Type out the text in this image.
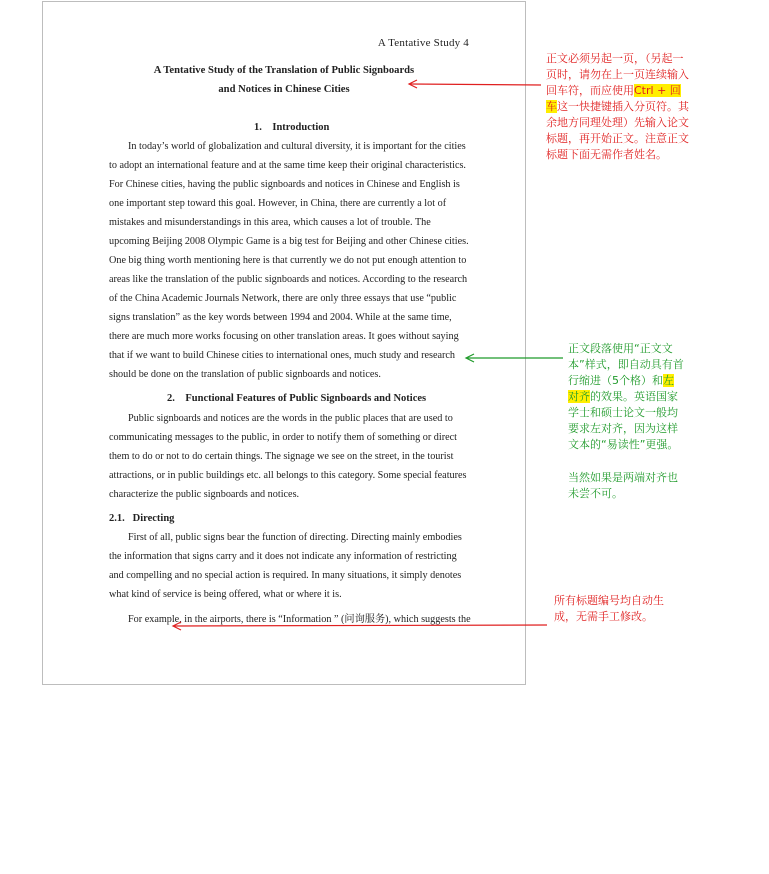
A Tentative Study 4
A Tentative Study of the Translation of Public Signboards
and Notices in Chinese Cities
1.    Introduction

In today’s world of globalization and cultural diversity, it is important for the cities to adopt an international feature and at the same time keep their original characteristics. For Chinese cities, having the public signboards and notices in Chinese and English is one important step toward this goal. However, in China, there are currently a lot of mistakes and misunderstandings in this area, which causes a lot of trouble. The upcoming Beijing 2008 Olympic Game is a big test for Beijing and other Chinese cities. One big thing worth mentioning here is that currently we do not put enough attention to areas like the translation of the public signboards and notices. According to the research of the China Academic Journals Network, there are only three essays that use “public signs translation” as the key words between 1994 and 2004. While at the same time, there are much more works focusing on other translation areas. It goes without saying that if we want to build Chinese cities to international ones, much study and research should be done on the translation of public signboards and notices.

2.    Functional Features of Public Signboards and Notices

Public signboards and notices are the words in the public places that are used to communicating messages to the public, in order to notify them of something or direct them to do or not to do certain things. The signage we see on the street, in the tourist attractions, or in public buildings etc. all belongs to this category. Some special features characterize the public signboards and notices.

2.1.   Directing

First of all, public signs bear the function of directing. Directing mainly embodies the information that signs carry and it does not indicate any information of restricting and compelling and no special action is required. In many situations, it simply denotes what kind of service is being offered, what or where it is.

For example, in the airports, there is “Information ” (问询服务), which suggests the

正文必须另起一页，（另起一页时，请勿在上一页连续输入回车符，而应使用Ctrl + 回车这一快捷键插入分页符。其余地方同理处理）先输入论文标题，再开始正文。注意正文标题下面无需作者姓名。

正文段落使用“正文文本”样式，即自动具有首行缩进（5个格）和左对齐的效果。英语国家学士和硕士论文一般均要求左对齐，因为这样文本的“易读性”更强。

当然如果是两端对齐也未尝不可。

所有标题编号均自动生成，无需手工修改。
